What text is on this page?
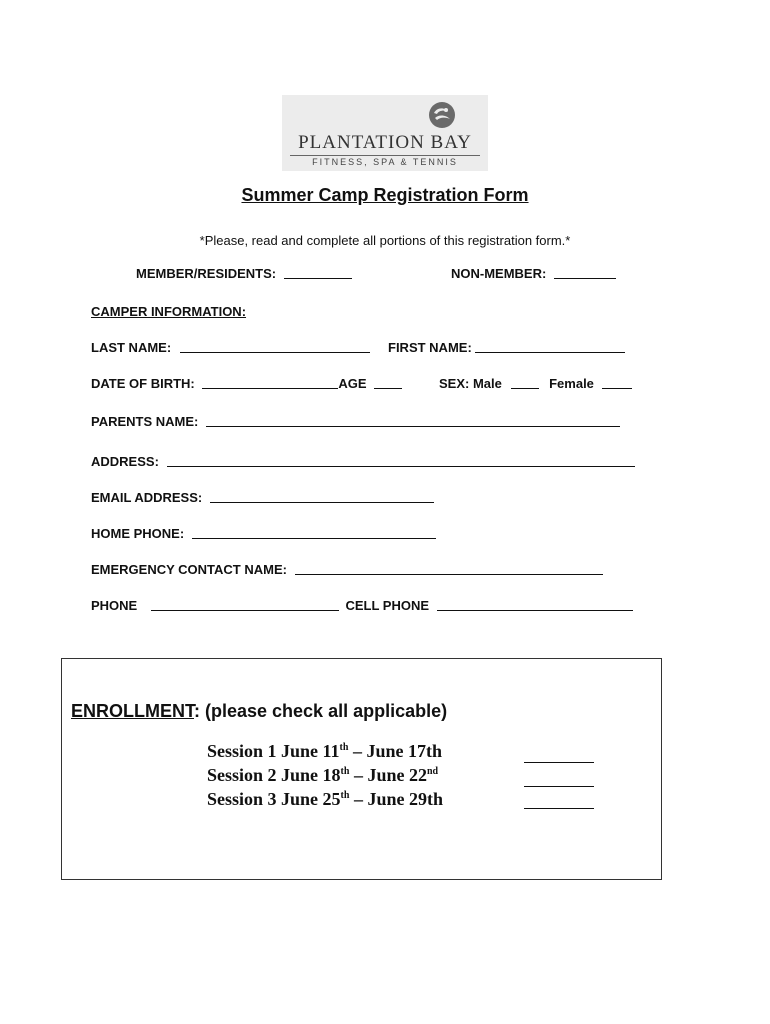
PLANTATION BAY
FITNESS, SPA & TENNIS
Summer Camp Registration Form
*Please, read and complete all portions of this registration form.*
MEMBER/RESIDENTS:	NON-MEMBER:
CAMPER INFORMATION:
LAST NAME:	FIRST NAME:
DATE OF BIRTH:	AGE	SEX: Male	Female
PARENTS NAME:
ADDRESS:
EMAIL ADDRESS:
HOME PHONE:
EMERGENCY CONTACT NAME:
PHONE	CELL PHONE
ENROLLMENT: (please check all applicable)
Session 1 June 11th – June 17th
Session 2 June 18th – June 22nd
Session 3 June 25th – June 29th
